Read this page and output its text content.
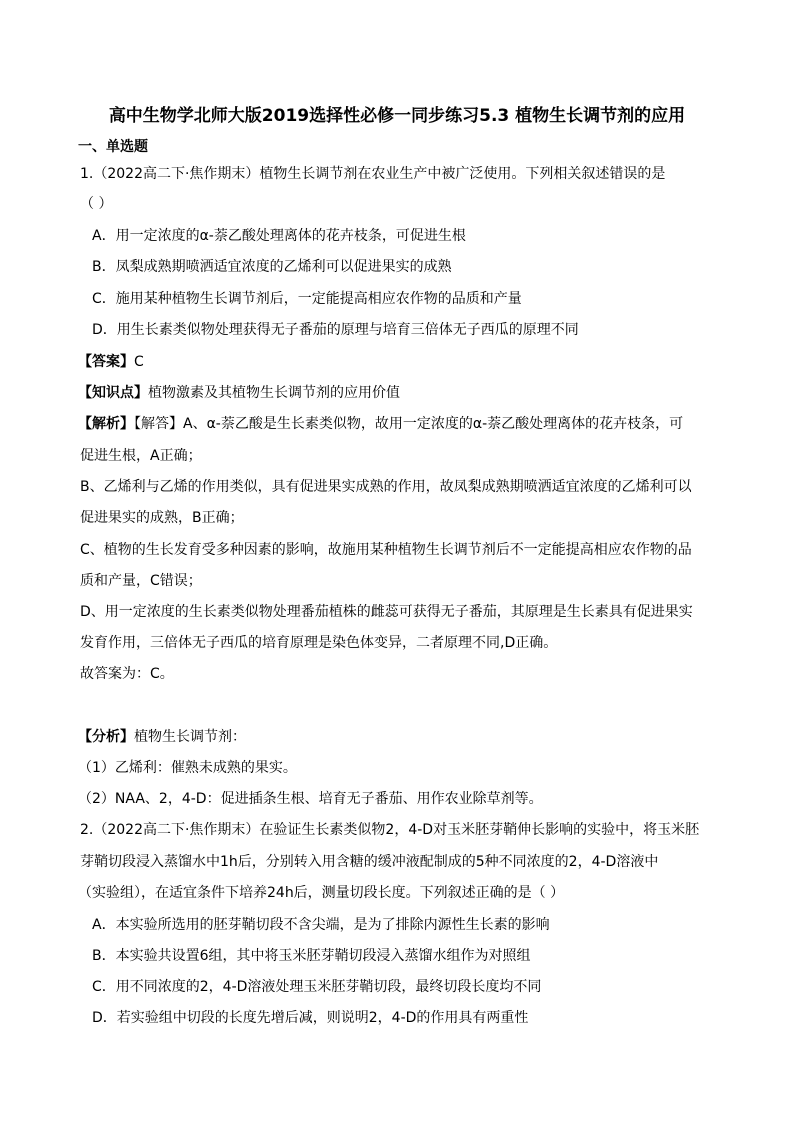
高中生物学北师大版2019选择性必修一同步练习5.3 植物生长调节剂的应用
一、单选题
1.（2022高二下·焦作期末）植物生长调节剂在农业生产中被广泛使用。下列相关叙述错误的是
（ ）
A．用一定浓度的α-萘乙酸处理离体的花卉枝条，可促进生根
B．凤梨成熟期喷洒适宜浓度的乙烯利可以促进果实的成熟
C．施用某种植物生长调节剂后，一定能提高相应农作物的品质和产量
D．用生长素类似物处理获得无子番茄的原理与培育三倍体无子西瓜的原理不同
【答案】C
【知识点】植物激素及其植物生长调节剂的应用价值
【解析】【解答】A、α-萘乙酸是生长素类似物，故用一定浓度的α-萘乙酸处理离体的花卉枝条，可
促进生根，A正确；
B、乙烯利与乙烯的作用类似，具有促进果实成熟的作用，故凤梨成熟期喷洒适宜浓度的乙烯利可以
促进果实的成熟，B正确；
C、植物的生长发育受多种因素的影响，故施用某种植物生长调节剂后不一定能提高相应农作物的品
质和产量，C错误；
D、用一定浓度的生长素类似物处理番茄植株的雌蕊可获得无子番茄，其原理是生长素具有促进果实
发育作用，三倍体无子西瓜的培育原理是染色体变异，二者原理不同,D正确。
故答案为：C。
【分析】植物生长调节剂：
（1）乙烯利：催熟未成熟的果实。
（2）NAA、2，4-D：促进插条生根、培育无子番茄、用作农业除草剂等。
2.（2022高二下·焦作期末）在验证生长素类似物2，4-D对玉米胚芽鞘伸长影响的实验中，将玉米胚
芽鞘切段浸入蒸馏水中1h后，分别转入用含糖的缓冲液配制成的5种不同浓度的2，4-D溶液中
（实验组），在适宜条件下培养24h后，测量切段长度。下列叙述正确的是（ ）
A．本实验所选用的胚芽鞘切段不含尖端，是为了排除内源性生长素的影响
B．本实验共设置6组，其中将玉米胚芽鞘切段浸入蒸馏水组作为对照组
C．用不同浓度的2，4-D溶液处理玉米胚芽鞘切段，最终切段长度均不同
D．若实验组中切段的长度先增后减，则说明2，4-D的作用具有两重性
